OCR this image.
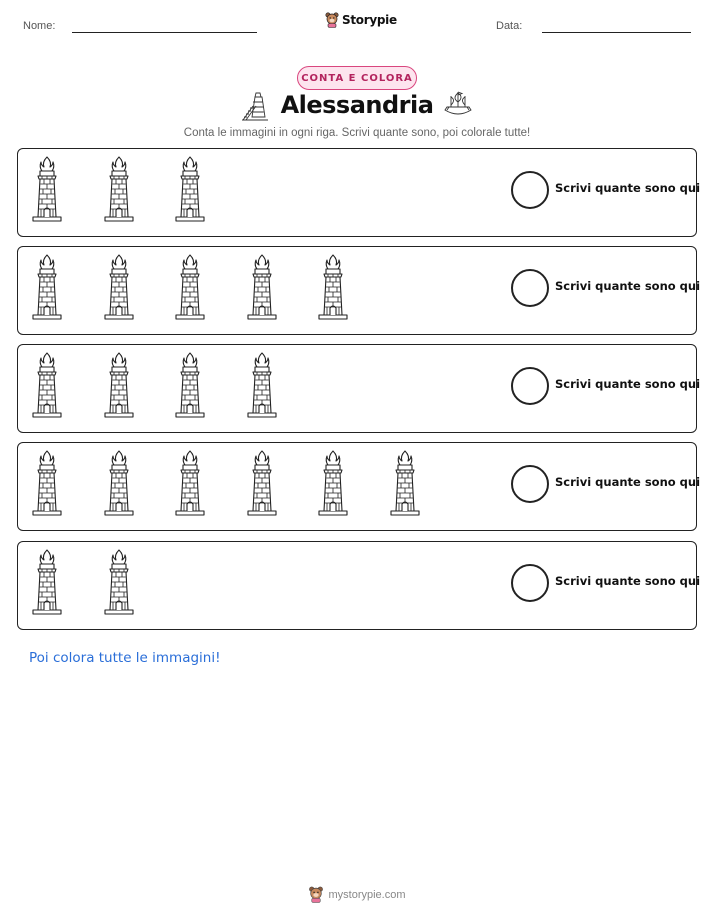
Nome:	Storypie	Data:
CONTA E COLORA
Alessandria
Conta le immagini in ogni riga. Scrivi quante sono, poi colorale tutte!
Scrivi quante sono qui
Scrivi quante sono qui
Scrivi quante sono qui
Scrivi quante sono qui
Scrivi quante sono qui
Poi colora tutte le immagini!
mystorypie.com
